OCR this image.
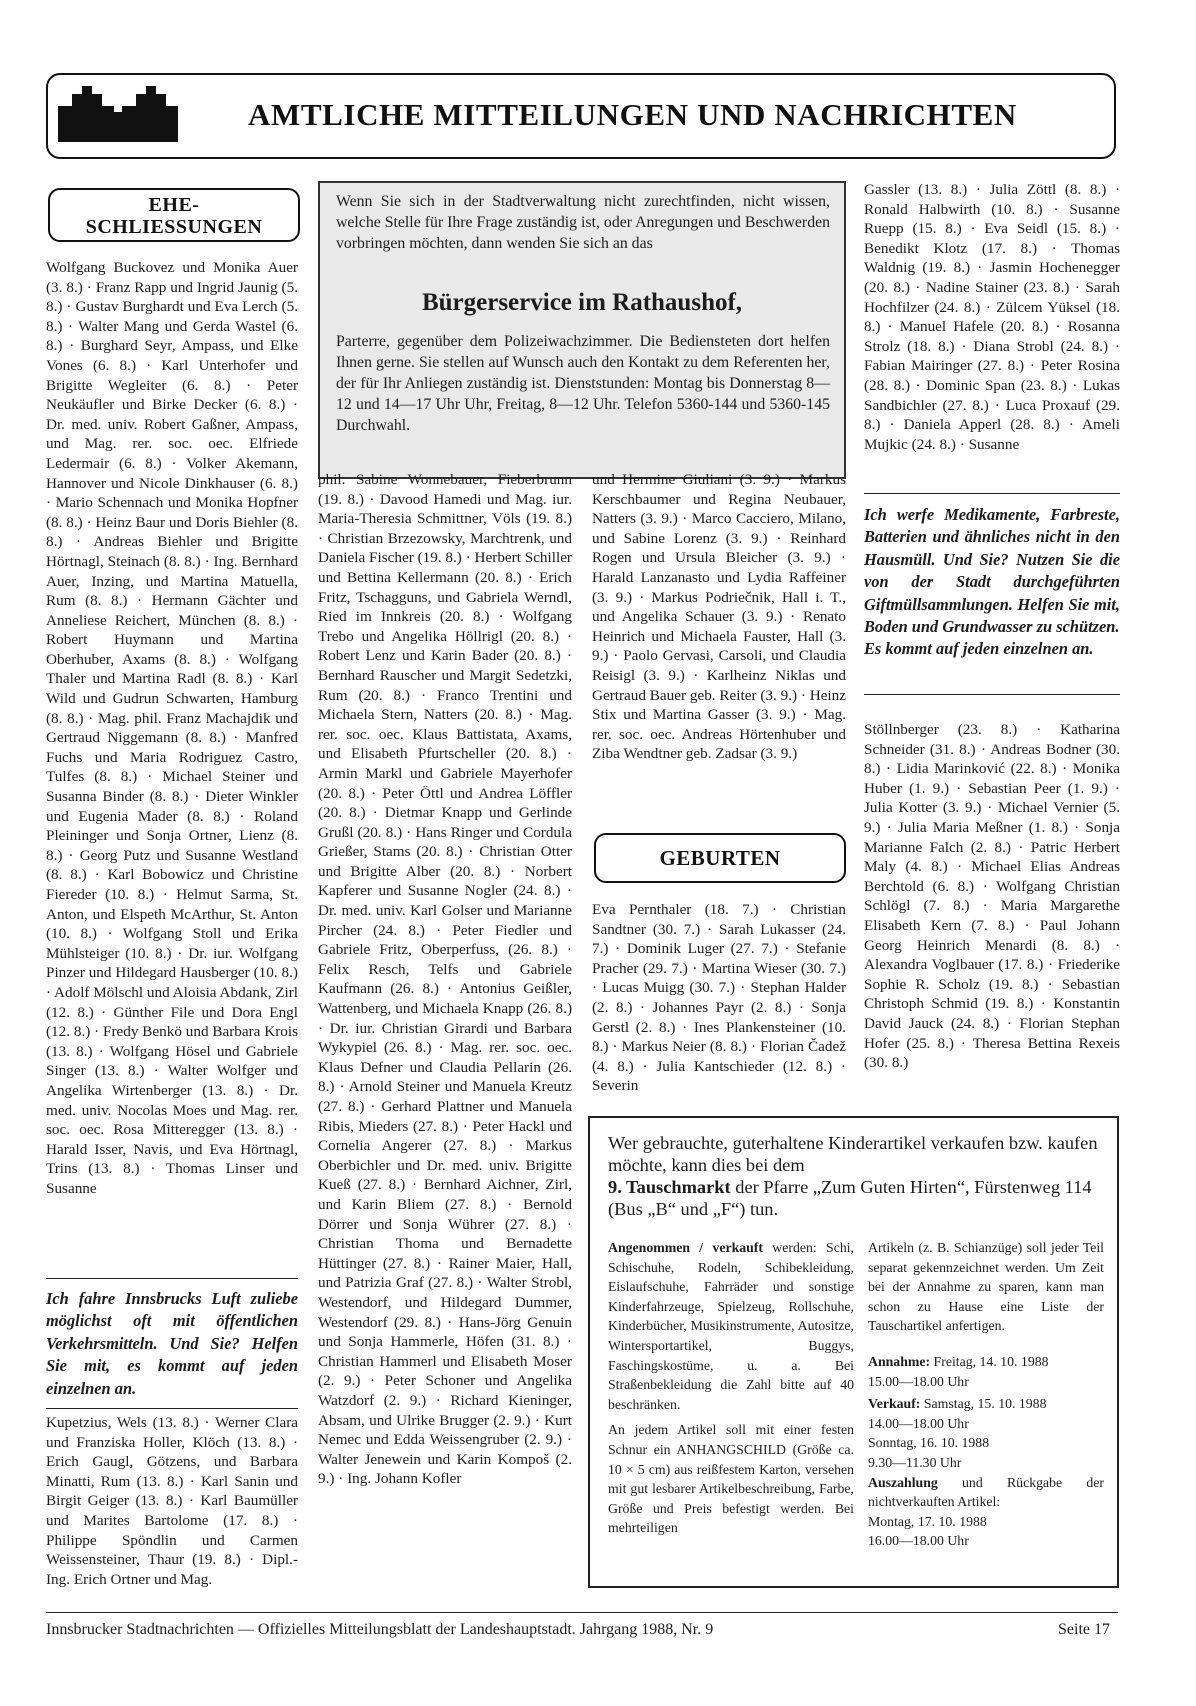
AMTLICHE MITTEILUNGEN UND NACHRICHTEN
EHE-
SCHLIESSUNGEN
Wolfgang Buckovez und Monika Auer (3. 8.) · Franz Rapp und Ingrid Jaunig (5. 8.) · Gustav Burghardt und Eva Lerch (5. 8.) · Walter Mang und Gerda Wastel (6. 8.) · Burghard Seyr, Ampass, und Elke Vones (6. 8.) · Karl Unterhofer und Brigitte Wegleiter (6. 8.) · Peter Neukäufler und Birke Decker (6. 8.) · Dr. med. univ. Robert Gaßner, Ampass, und Mag. rer. soc. oec. Elfriede Ledermair (6. 8.) · Volker Akemann, Hannover und Nicole Dinkhauser (6. 8.) · Mario Schennach und Monika Hopfner (8. 8.) · Heinz Baur und Doris Biehler (8. 8.) · Andreas Biehler und Brigitte Hörtnagl, Steinach (8. 8.) · Ing. Bernhard Auer, Inzing, und Martina Matuella, Rum (8. 8.) · Hermann Gächter und Anneliese Reichert, München (8. 8.) · Robert Huymann und Martina Oberhuber, Axams (8. 8.) · Wolfgang Thaler und Martina Radl (8. 8.) · Karl Wild und Gudrun Schwarten, Hamburg (8. 8.) · Mag. phil. Franz Machajdik und Gertraud Niggemann (8. 8.) · Manfred Fuchs und Maria Rodriguez Castro, Tulfes (8. 8.) · Michael Steiner und Susanna Binder (8. 8.) · Dieter Winkler und Eugenia Mader (8. 8.) · Roland Pleininger und Sonja Ortner, Lienz (8. 8.) · Georg Putz und Susanne Westland (8. 8.) · Karl Bobowicz und Christine Fiereder (10. 8.) · Helmut Sarma, St. Anton, und Elspeth McArthur, St. Anton (10. 8.) · Wolfgang Stoll und Erika Mühlsteiger (10. 8.) · Dr. iur. Wolfgang Pinzer und Hildegard Hausberger (10. 8.) · Adolf Mölschl und Aloisia Abdank, Zirl (12. 8.) · Günther File und Dora Engl (12. 8.) · Fredy Benkö und Barbara Krois (13. 8.) · Wolfgang Hösel und Gabriele Singer (13. 8.) · Walter Wolfger und Angelika Wirtenberger (13. 8.) · Dr. med. univ. Nocolas Moes und Mag. rer. soc. oec. Rosa Mitteregger (13. 8.) · Harald Isser, Navis, und Eva Hörtnagl, Trins (13. 8.) · Thomas Linser und Susanne
Ich fahre Innsbrucks Luft zuliebe möglichst oft mit öffentlichen Verkehrsmitteln. Und Sie? Helfen Sie mit, es kommt auf jeden einzelnen an.
Kupetzius, Wels (13. 8.) · Werner Clara und Franziska Holler, Klöch (13. 8.) · Erich Gaugl, Götzens, und Barbara Minatti, Rum (13. 8.) · Karl Sanin und Birgit Geiger (13. 8.) · Karl Baumüller und Marites Bartolome (17. 8.) · Philippe Spöndlin und Carmen Weissensteiner, Thaur (19. 8.) · Dipl.-Ing. Erich Ortner und Mag.
Wenn Sie sich in der Stadtverwaltung nicht zurechtfinden, nicht wissen, welche Stelle für Ihre Frage zuständig ist, oder Anregungen und Beschwerden vorbringen möchten, dann wenden Sie sich an das
Bürgerservice im Rathaushof,
Parterre, gegenüber dem Polizeiwachzimmer. Die Bediensteten dort helfen Ihnen gerne. Sie stellen auf Wunsch auch den Kontakt zu dem Referenten her, der für Ihr Anliegen zuständig ist. Dienststunden: Montag bis Donnerstag 8—12 und 14—17 Uhr Uhr, Freitag, 8—12 Uhr. Telefon 5360-144 und 5360-145 Durchwahl.
phil. Sabine Wonnebauer, Fieberbrunn (19. 8.) · Davood Hamedi und Mag. iur. Maria-Theresia Schmittner, Völs (19. 8.) · Christian Brzezowsky, Marchtrenk, und Daniela Fischer (19. 8.) · Herbert Schiller und Bettina Kellermann (20. 8.) · Erich Fritz, Tschagguns, und Gabriela Werndl, Ried im Innkreis (20. 8.) · Wolfgang Trebo und Angelika Höllrigl (20. 8.) · Robert Lenz und Karin Bader (20. 8.) · Bernhard Rauscher und Margit Sedetzki, Rum (20. 8.) · Franco Trentini und Michaela Stern, Natters (20. 8.) · Mag. rer. soc. oec. Klaus Battistata, Axams, und Elisabeth Pfurtscheller (20. 8.) · Armin Markl und Gabriele Mayerhofer (20. 8.) · Peter Öttl und Andrea Löffler (20. 8.) · Dietmar Knapp und Gerlinde Grußl (20. 8.) · Hans Ringer und Cordula Grießer, Stams (20. 8.) · Christian Otter und Brigitte Alber (20. 8.) · Norbert Kapferer und Susanne Nogler (24. 8.) · Dr. med. univ. Karl Golser und Marianne Pircher (24. 8.) · Peter Fiedler und Gabriele Fritz, Oberperfuss, (26. 8.) · Felix Resch, Telfs und Gabriele Kaufmann (26. 8.) · Antonius Geißler, Wattenberg, und Michaela Knapp (26. 8.) · Dr. iur. Christian Girardi und Barbara Wykypiel (26. 8.) · Mag. rer. soc. oec. Klaus Defner und Claudia Pellarin (26. 8.) · Arnold Steiner und Manuela Kreutz (27. 8.) · Gerhard Plattner und Manuela Ribis, Mieders (27. 8.) · Peter Hackl und Cornelia Angerer (27. 8.) · Markus Oberbichler und Dr. med. univ. Brigitte Kueß (27. 8.) · Bernhard Aichner, Zirl, und Karin Bliem (27. 8.) · Bernold Dörrer und Sonja Wührer (27. 8.) · Christian Thoma und Bernadette Hüttinger (27. 8.) · Rainer Maier, Hall, und Patrizia Graf (27. 8.) · Walter Strobl, Westendorf, und Hildegard Dummer, Westendorf (29. 8.) · Hans-Jörg Genuin und Sonja Hammerle, Höfen (31. 8.) · Christian Hammerl und Elisabeth Moser (2. 9.) · Peter Schoner und Angelika Watzdorf (2. 9.) · Richard Kieninger, Absam, und Ulrike Brugger (2. 9.) · Kurt Nemec und Edda Weissengruber (2. 9.) · Walter Jenewein und Karin Kompoš (2. 9.) · Ing. Johann Kofler
und Hermine Giuliani (3. 9.) · Markus Kerschbaumer und Regina Neubauer, Natters (3. 9.) · Marco Cacciero, Milano, und Sabine Lorenz (3. 9.) · Reinhard Rogen und Ursula Bleicher (3. 9.) · Harald Lanzanasto und Lydia Raffeiner (3. 9.) · Markus Podriečnik, Hall i. T., und Angelika Schauer (3. 9.) · Renato Heinrich und Michaela Fauster, Hall (3. 9.) · Paolo Gervasi, Carsoli, und Claudia Reisigl (3. 9.) · Karlheinz Niklas und Gertraud Bauer geb. Reiter (3. 9.) · Heinz Stix und Martina Gasser (3. 9.) · Mag. rer. soc. oec. Andreas Hörtenhuber und Ziba Wendtner geb. Zadsar (3. 9.)
GEBURTEN
Eva Pernthaler (18. 7.) · Christian Sandtner (30. 7.) · Sarah Lukasser (24. 7.) · Dominik Luger (27. 7.) · Stefanie Pracher (29. 7.) · Martina Wieser (30. 7.) · Lucas Muigg (30. 7.) · Stephan Halder (2. 8.) · Johannes Payr (2. 8.) · Sonja Gerstl (2. 8.) · Ines Plankensteiner (10. 8.) · Markus Neier (8. 8.) · Florian Čadež (4. 8.) · Julia Kantschieder (12. 8.) · Severin
Gassler (13. 8.) · Julia Zöttl (8. 8.) · Ronald Halbwirth (10. 8.) · Susanne Ruepp (15. 8.) · Eva Seidl (15. 8.) · Benedikt Klotz (17. 8.) · Thomas Waldnig (19. 8.) · Jasmin Hochenegger (20. 8.) · Nadine Stainer (23. 8.) · Sarah Hochfilzer (24. 8.) · Zülcem Yüksel (18. 8.) · Manuel Hafele (20. 8.) · Rosanna Strolz (18. 8.) · Diana Strobl (24. 8.) · Fabian Mairinger (27. 8.) · Peter Rosina (28. 8.) · Dominic Span (23. 8.) · Lukas Sandbichler (27. 8.) · Luca Proxauf (29. 8.) · Daniela Apperl (28. 8.) · Ameli Mujkic (24. 8.) · Susanne
Ich werfe Medikamente, Farbreste, Batterien und ähnliches nicht in den Hausmüll. Und Sie? Nutzen Sie die von der Stadt durchgeführten Giftmüllsammlungen. Helfen Sie mit, Boden und Grundwasser zu schützen.
Es kommt auf jeden einzelnen an.
Stöllnberger (23. 8.) · Katharina Schneider (31. 8.) · Andreas Bodner (30. 8.) · Lidia Marinković (22. 8.) · Monika Huber (1. 9.) · Sebastian Peer (1. 9.) · Julia Kotter (3. 9.) · Michael Vernier (5. 9.) · Julia Maria Meßner (1. 8.) · Sonja Marianne Falch (2. 8.) · Patric Herbert Maly (4. 8.) · Michael Elias Andreas Berchtold (6. 8.) · Wolfgang Christian Schlögl (7. 8.) · Maria Margarethe Elisabeth Kern (7. 8.) · Paul Johann Georg Heinrich Menardi (8. 8.) · Alexandra Voglbauer (17. 8.) · Friederike Sophie R. Scholz (19. 8.) · Sebastian Christoph Schmid (19. 8.) · Konstantin David Jauck (24. 8.) · Florian Stephan Hofer (25. 8.) · Theresa Bettina Rexeis (30. 8.)
Wer gebrauchte, guterhaltene Kinderartikel verkaufen bzw. kaufen möchte, kann dies bei dem
9. Tauschmarkt der Pfarre „Zum Guten Hirten“, Fürstenweg 114 (Bus „B“ und „F“) tun.
Angenommen / verkauft werden: Schi, Schischuhe, Rodeln, Schibekleidung, Eislaufschuhe, Fahrräder und sonstige Kinderfahrzeuge, Spielzeug, Rollschuhe, Kinderbücher, Musikinstrumente, Autositze, Wintersportartikel, Buggys, Faschingskostüme, u. a. Bei Straßenbekleidung die Zahl bitte auf 40 beschränken.
An jedem Artikel soll mit einer festen Schnur ein ANHANGSCHILD (Größe ca. 10 × 5 cm) aus reißfestem Karton, versehen mit gut lesbarer Artikelbeschreibung, Farbe, Größe und Preis befestigt werden. Bei mehrteiligen
Artikeln (z. B. Schianzüge) soll jeder Teil separat gekennzeichnet werden. Um Zeit bei der Annahme zu sparen, kann man schon zu Hause eine Liste der Tauschartikel anfertigen.
Annahme: Freitag, 14. 10. 1988
15.00—18.00 Uhr
Verkauf: Samstag, 15. 10. 1988
14.00—18.00 Uhr
Sonntag, 16. 10. 1988
9.30—11.30 Uhr
Auszahlung und Rückgabe der nichtverkauften Artikel:
Montag, 17. 10. 1988
16.00—18.00 Uhr
Innsbrucker Stadtnachrichten — Offizielles Mitteilungsblatt der Landeshauptstadt. Jahrgang 1988, Nr. 9	Seite 17
